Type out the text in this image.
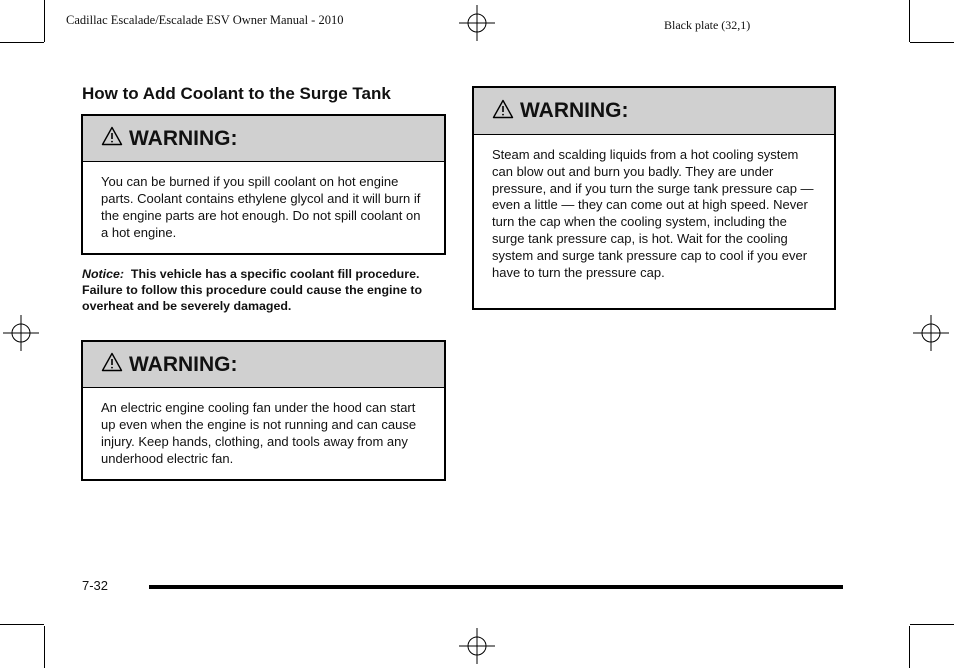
Cadillac Escalade/Escalade ESV Owner Manual - 2010	Black plate (32,1)
How to Add Coolant to the Surge Tank
WARNING:
You can be burned if you spill coolant on hot engine parts. Coolant contains ethylene glycol and it will burn if the engine parts are hot enough. Do not spill coolant on a hot engine.
Notice: This vehicle has a specific coolant fill procedure. Failure to follow this procedure could cause the engine to overheat and be severely damaged.
WARNING:
An electric engine cooling fan under the hood can start up even when the engine is not running and can cause injury. Keep hands, clothing, and tools away from any underhood electric fan.
WARNING:
Steam and scalding liquids from a hot cooling system can blow out and burn you badly. They are under pressure, and if you turn the surge tank pressure cap — even a little — they can come out at high speed. Never turn the cap when the cooling system, including the surge tank pressure cap, is hot. Wait for the cooling system and surge tank pressure cap to cool if you ever have to turn the pressure cap.
7-32
